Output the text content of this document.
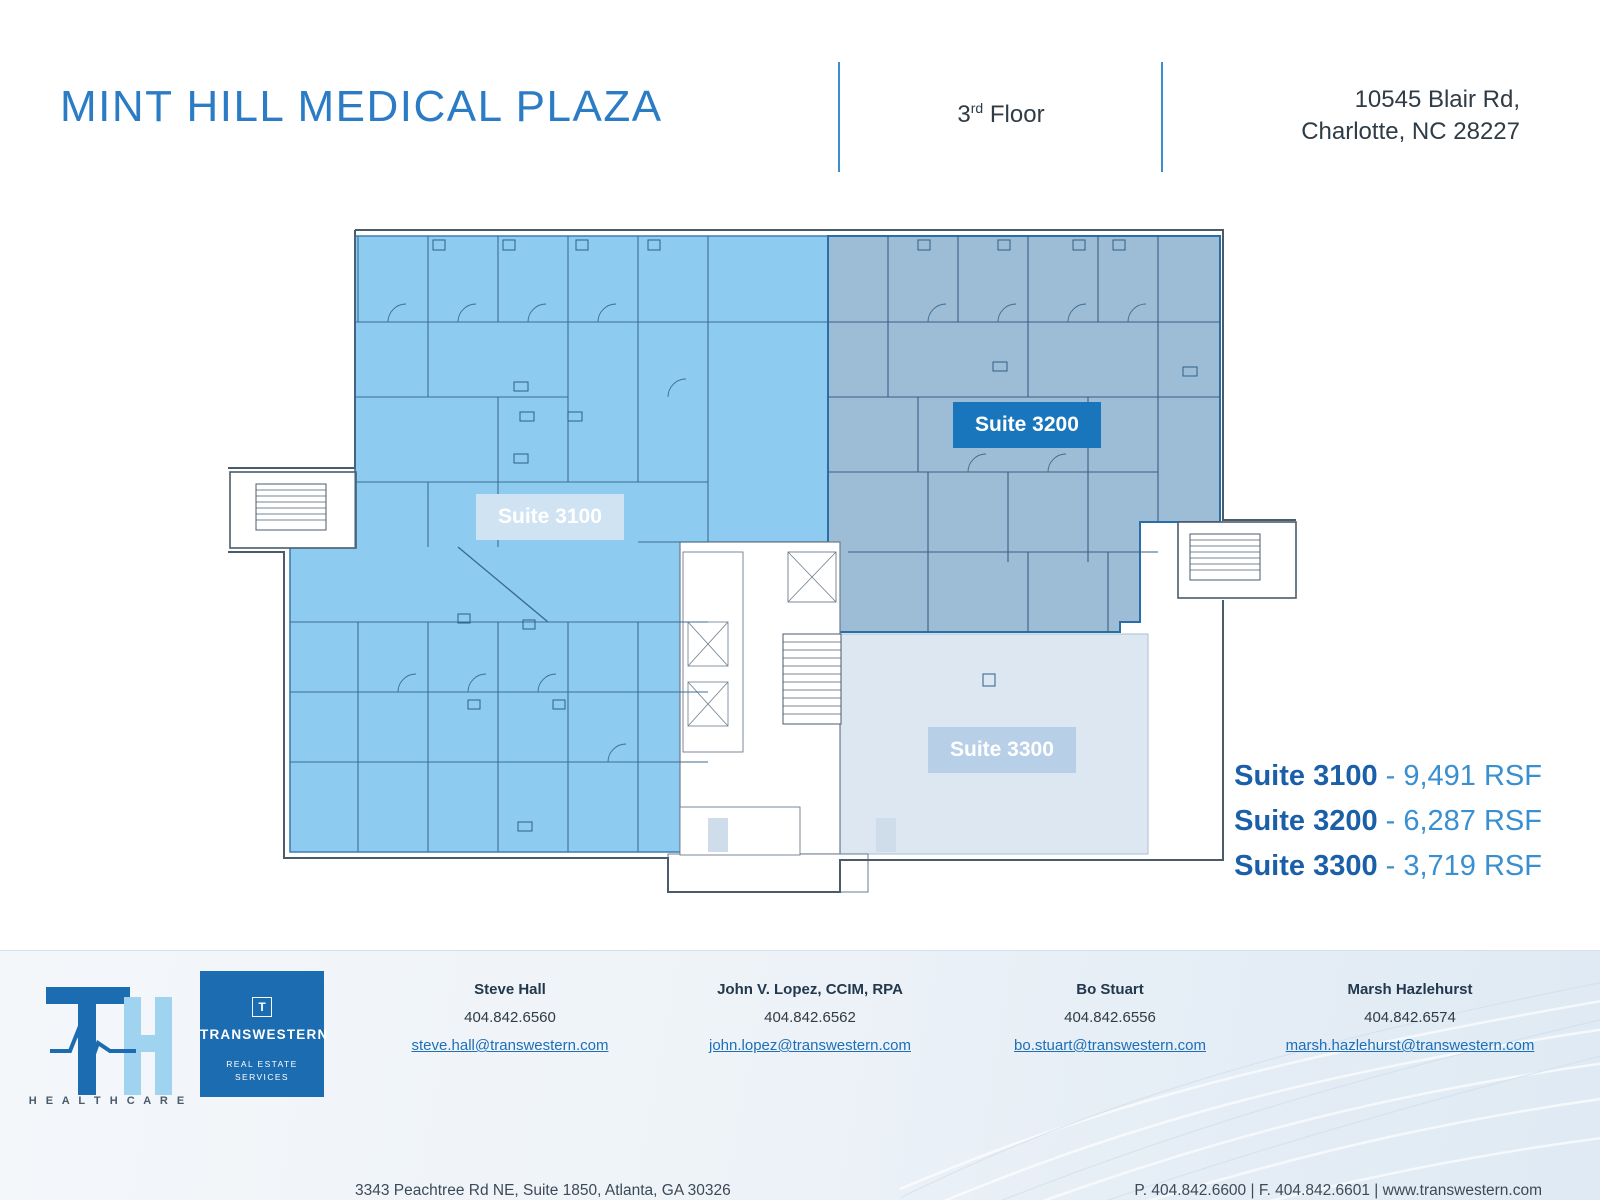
MINT HILL MEDICAL PLAZA	3rd Floor
10545 Blair Rd,
Charlotte, NC 28227
Suite 3100
Suite 3200
Suite 3300
Suite 3100 - 9,491 RSF
Suite 3200 - 6,287 RSF
Suite 3300 - 3,719 RSF
H E A L T H C A R E
T
TRANSWESTERN
REAL ESTATE
SERVICES
Steve Hall
404.842.6560
steve.hall@transwestern.com
John V. Lopez, CCIM, RPA
404.842.6562
john.lopez@transwestern.com
Bo Stuart
404.842.6556
bo.stuart@transwestern.com
Marsh Hazlehurst
404.842.6574
marsh.hazlehurst@transwestern.com
3343 Peachtree Rd NE, Suite 1850, Atlanta, GA 30326	P. 404.842.6600 | F. 404.842.6601 | www.transwestern.com
